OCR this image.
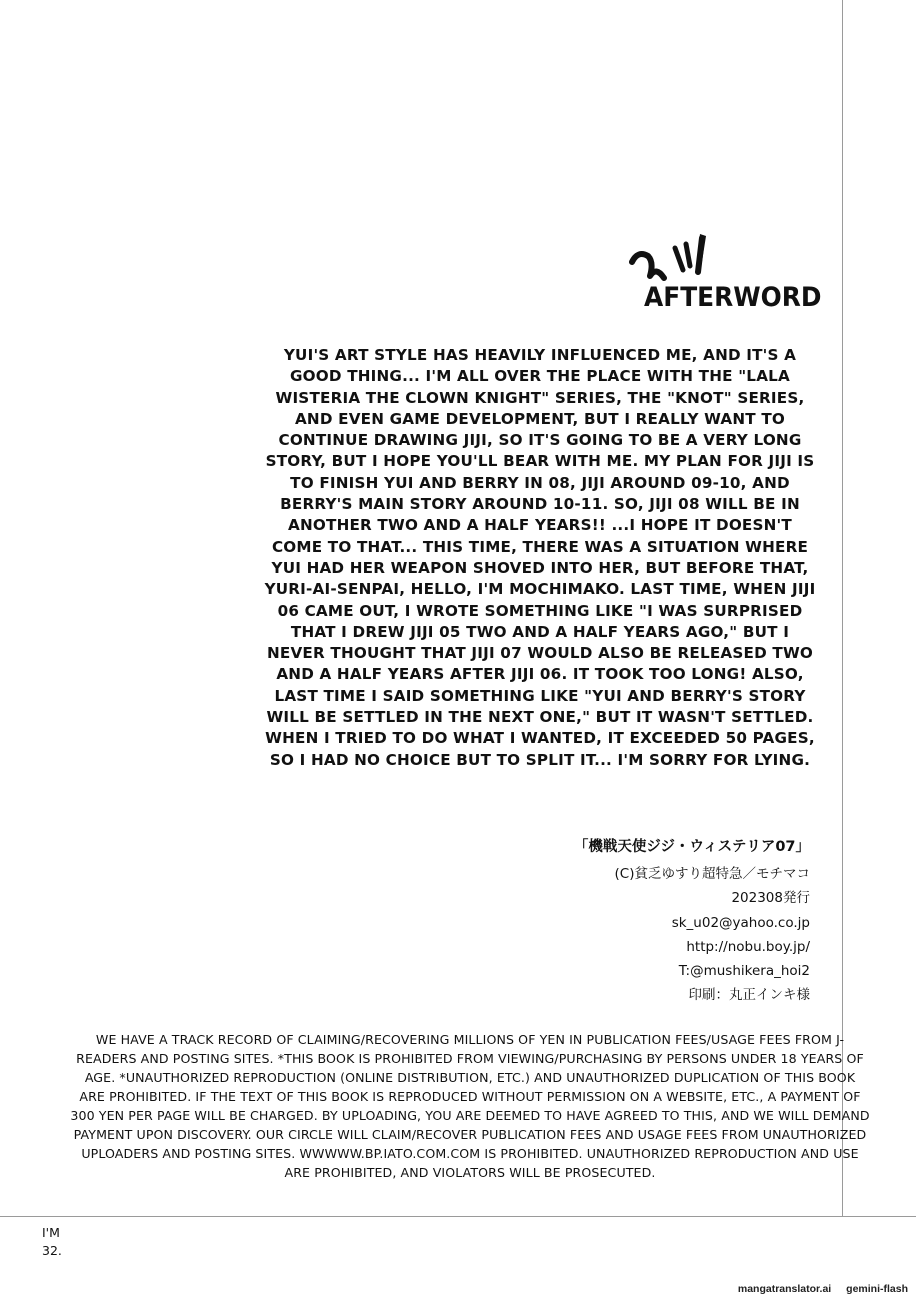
AFTERWORD
YUI'S ART STYLE HAS HEAVILY INFLUENCED ME, AND IT'S A GOOD THING... I'M ALL OVER THE PLACE WITH THE "LALA WISTERIA THE CLOWN KNIGHT" SERIES, THE "KNOT" SERIES, AND EVEN GAME DEVELOPMENT, BUT I REALLY WANT TO CONTINUE DRAWING JIJI, SO IT'S GOING TO BE A VERY LONG STORY, BUT I HOPE YOU'LL BEAR WITH ME. MY PLAN FOR JIJI IS TO FINISH YUI AND BERRY IN 08, JIJI AROUND 09-10, AND BERRY'S MAIN STORY AROUND 10-11. SO, JIJI 08 WILL BE IN ANOTHER TWO AND A HALF YEARS!! ...I HOPE IT DOESN'T COME TO THAT... THIS TIME, THERE WAS A SITUATION WHERE YUI HAD HER WEAPON SHOVED INTO HER, BUT BEFORE THAT, YURI-AI-SENPAI, HELLO, I'M MOCHIMAKO. LAST TIME, WHEN JIJI 06 CAME OUT, I WROTE SOMETHING LIKE "I WAS SURPRISED THAT I DREW JIJI 05 TWO AND A HALF YEARS AGO," BUT I NEVER THOUGHT THAT JIJI 07 WOULD ALSO BE RELEASED TWO AND A HALF YEARS AFTER JIJI 06. IT TOOK TOO LONG! ALSO, LAST TIME I SAID SOMETHING LIKE "YUI AND BERRY'S STORY WILL BE SETTLED IN THE NEXT ONE," BUT IT WASN'T SETTLED. WHEN I TRIED TO DO WHAT I WANTED, IT EXCEEDED 50 PAGES, SO I HAD NO CHOICE BUT TO SPLIT IT... I'M SORRY FOR LYING.
「機戦天使ジジ・ウィステリア07」
(C)貧乏ゆすり超特急／モチマコ
202308発行
sk_u02@yahoo.co.jp
http://nobu.boy.jp/
T:@mushikera_hoi2
印刷：丸正インキ様
WE HAVE A TRACK RECORD OF CLAIMING/RECOVERING MILLIONS OF YEN IN PUBLICATION FEES/USAGE FEES FROM J-READERS AND POSTING SITES. *THIS BOOK IS PROHIBITED FROM VIEWING/PURCHASING BY PERSONS UNDER 18 YEARS OF AGE. *UNAUTHORIZED REPRODUCTION (ONLINE DISTRIBUTION, ETC.) AND UNAUTHORIZED DUPLICATION OF THIS BOOK ARE PROHIBITED. IF THE TEXT OF THIS BOOK IS REPRODUCED WITHOUT PERMISSION ON A WEBSITE, ETC., A PAYMENT OF 300 YEN PER PAGE WILL BE CHARGED. BY UPLOADING, YOU ARE DEEMED TO HAVE AGREED TO THIS, AND WE WILL DEMAND PAYMENT UPON DISCOVERY. OUR CIRCLE WILL CLAIM/RECOVER PUBLICATION FEES AND USAGE FEES FROM UNAUTHORIZED UPLOADERS AND POSTING SITES. WWWWW.BP.IATO.COM.COM IS PROHIBITED. UNAUTHORIZED REPRODUCTION AND USE ARE PROHIBITED, AND VIOLATORS WILL BE PROSECUTED.
I'M
32.
mangatranslator.ai gemini-flash
